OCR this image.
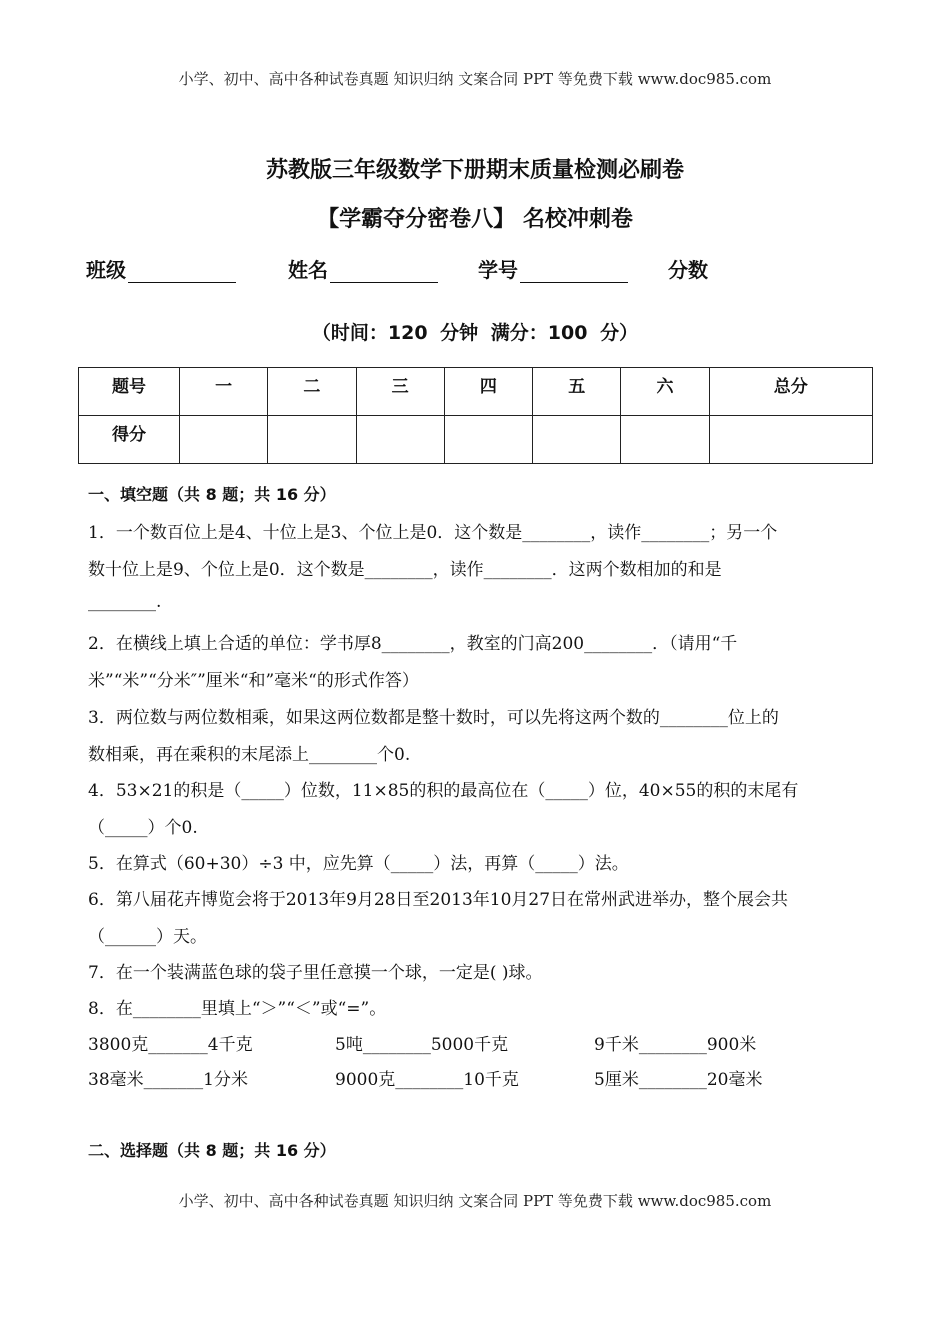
小学、初中、高中各种试卷真题 知识归纳 文案合同 PPT 等免费下载 www.doc985.com
苏教版三年级数学下册期末质量检测必刷卷
【学霸夺分密卷八】 名校冲刺卷
班级	姓名	学号	分数
（时间：120 分钟 满分：100 分）
题号	一	二	三	四	五	六	总分
得分							
一、填空题（共 8 题；共 16 分）
1．一个数百位上是4、十位上是3、个位上是0．这个数是________，读作________；另一个
数十位上是9、个位上是0．这个数是________，读作________．这两个数相加的和是
________.
2．在横线上填上合适的单位：学书厚8________，教室的门高200________．（请用“千
米”“米”“分米″”厘米“和”毫米“的形式作答）
3．两位数与两位数相乘，如果这两位数都是整十数时，可以先将这两个数的________位上的
数相乘，再在乘积的末尾添上________个0.
4．53×21的积是（_____）位数，11×85的积的最高位在（_____）位，40×55的积的末尾有
（_____）个0.
5．在算式（60+30）÷3 中，应先算（_____）法，再算（_____）法。
6．第八届花卉博览会将于2013年9月28日至2013年10月27日在常州武进举办，整个展会共
（______）天。
7．在一个装满蓝色球的袋子里任意摸一个球，一定是( )球。
8．在________里填上“＞”“＜”或“=”。
3800克_______4千克	5吨________5000千克	9千米________900米
38毫米_______1分米	9000克________10千克	5厘米________20毫米
二、选择题（共 8 题；共 16 分）
小学、初中、高中各种试卷真题 知识归纳 文案合同 PPT 等免费下载 www.doc985.com
